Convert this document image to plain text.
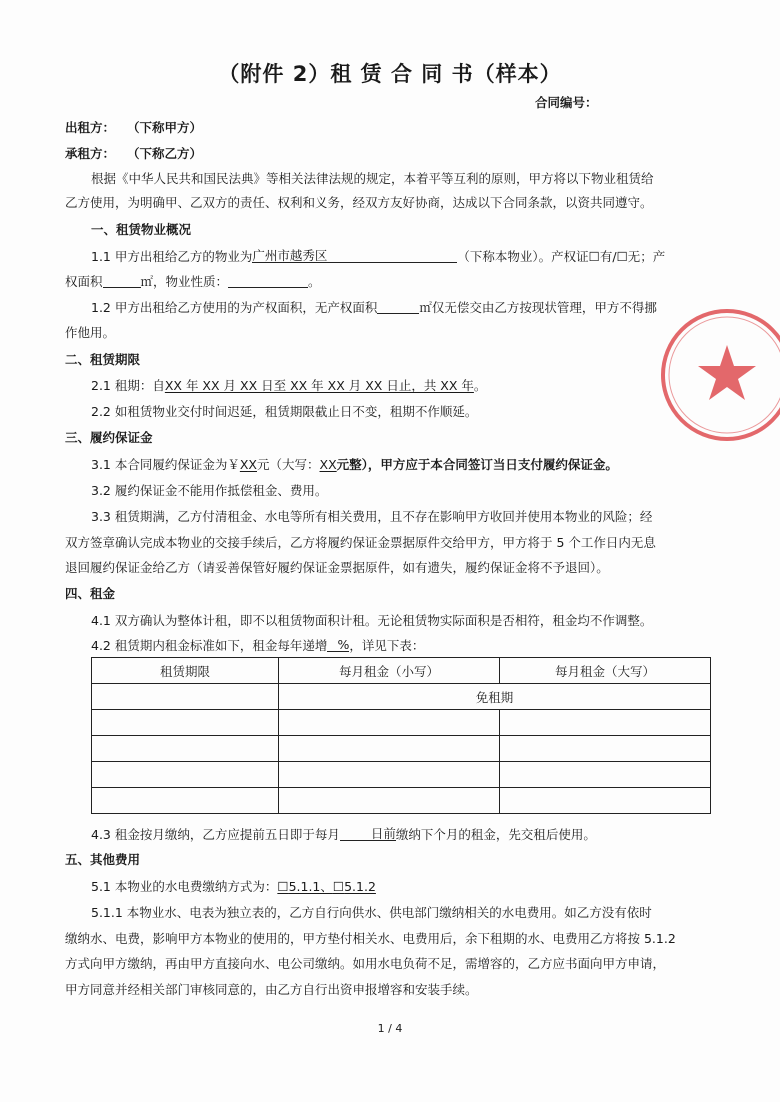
（附件 2）租 赁 合 同 书（样本）
合同编号：
出租方： （下称甲方）
承租方： （下称乙方）
根据《中华人民共和国民法典》等相关法律法规的规定，本着平等互利的原则，甲方将以下物业租赁给
乙方使用，为明确甲、乙双方的责任、权利和义务，经双方友好协商，达成以下合同条款，以资共同遵守。
一、租赁物业概况
1.1 甲方出租给乙方的物业为 广州市越秀区	（下称本物业）。产权证☐有/☐无；产
权面积	㎡，物业性质：	。
1.2 甲方出租给乙方使用的为产权面积，无产权面积	㎡仅无偿交由乙方按现状管理，甲方不得挪
作他用。
二、租赁期限
2.1 租期：自XX 年 XX 月 XX 日至 XX 年 XX 月 XX 日止，共 XX 年。
2.2 如租赁物业交付时间迟延，租赁期限截止日不变，租期不作顺延。
三、履约保证金
3.1 本合同履约保证金为￥XX元（大写：XX元整），甲方应于本合同签订当日支付履约保证金。
3.2 履约保证金不能用作抵偿租金、费用。
3.3 租赁期满，乙方付清租金、水电等所有相关费用，且不存在影响甲方收回并使用本物业的风险；经
双方签章确认完成本物业的交接手续后，乙方将履约保证金票据原件交给甲方，甲方将于 5 个工作日内无息
退回履约保证金给乙方（请妥善保管好履约保证金票据原件，如有遗失，履约保证金将不予退回）。
四、租金
4.1 双方确认为整体计租，即不以租赁物面积计租。无论租赁物实际面积是否相符，租金均不作调整。
4.2 租赁期内租金标准如下，租金每年递增 % ，详见下表：
租赁期限	每月租金（小写）	每月租金（大写）
	免租期	

4.3 租金按月缴纳，乙方应提前五日即于每月 日前 缴纳下个月的租金，先交租后使用。
五、其他费用
5.1 本物业的水电费缴纳方式为：☐5.1.1、☐5.1.2
5.1.1 本物业水、电表为独立表的，乙方自行向供水、供电部门缴纳相关的水电费用。如乙方没有依时
缴纳水、电费，影响甲方本物业的使用的，甲方垫付相关水、电费用后，余下租期的水、电费用乙方将按 5.1.2
方式向甲方缴纳，再由甲方直接向水、电公司缴纳。如用水电负荷不足，需增容的，乙方应书面向甲方申请，
甲方同意并经相关部门审核同意的，由乙方自行出资申报增容和安装手续。
1 / 4
